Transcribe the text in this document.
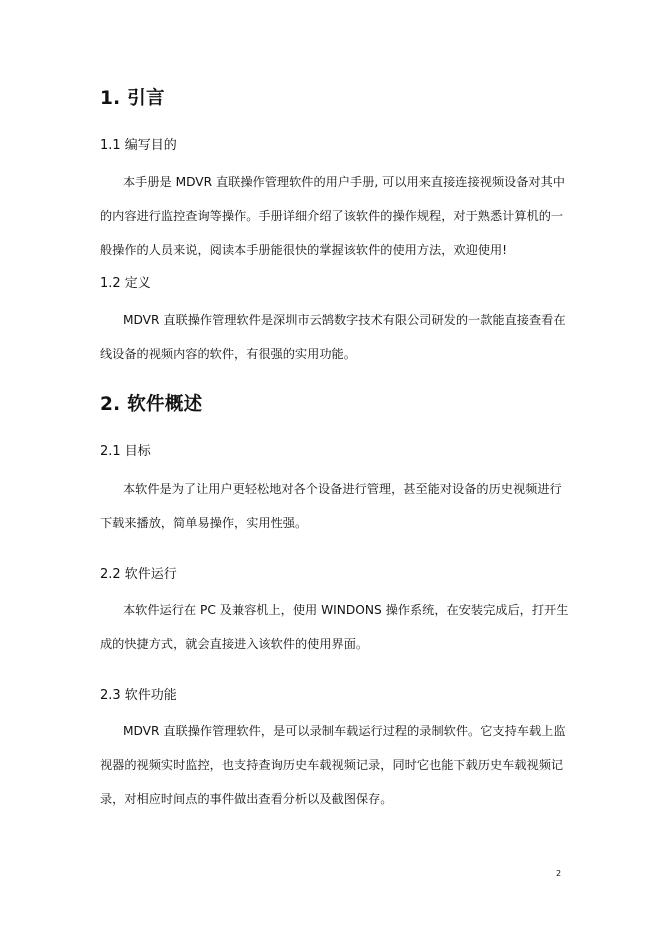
1. 引言
1.1 编写目的

本手册是 MDVR 直联操作管理软件的用户手册, 可以用来直接连接视频设备对其中

的内容进行监控查询等操作。手册详细介绍了该软件的操作规程，对于熟悉计算机的一

般操作的人员来说，阅读本手册能很快的掌握该软件的使用方法，欢迎使用!

1.2 定义

MDVR 直联操作管理软件是深圳市云鹄数字技术有限公司研发的一款能直接查看在

线设备的视频内容的软件，有很强的实用功能。

2. 软件概述
2.1 目标

本软件是为了让用户更轻松地对各个设备进行管理，甚至能对设备的历史视频进行

下载来播放，简单易操作，实用性强。

2.2 软件运行

本软件运行在 PC 及兼容机上，使用 WINDONS 操作系统，在安装完成后，打开生

成的快捷方式，就会直接进入该软件的使用界面。

2.3 软件功能

MDVR 直联操作管理软件，是可以录制车载运行过程的录制软件。它支持车载上监

视器的视频实时监控，也支持查询历史车载视频记录，同时它也能下载历史车载视频记

录，对相应时间点的事件做出查看分析以及截图保存。

2
